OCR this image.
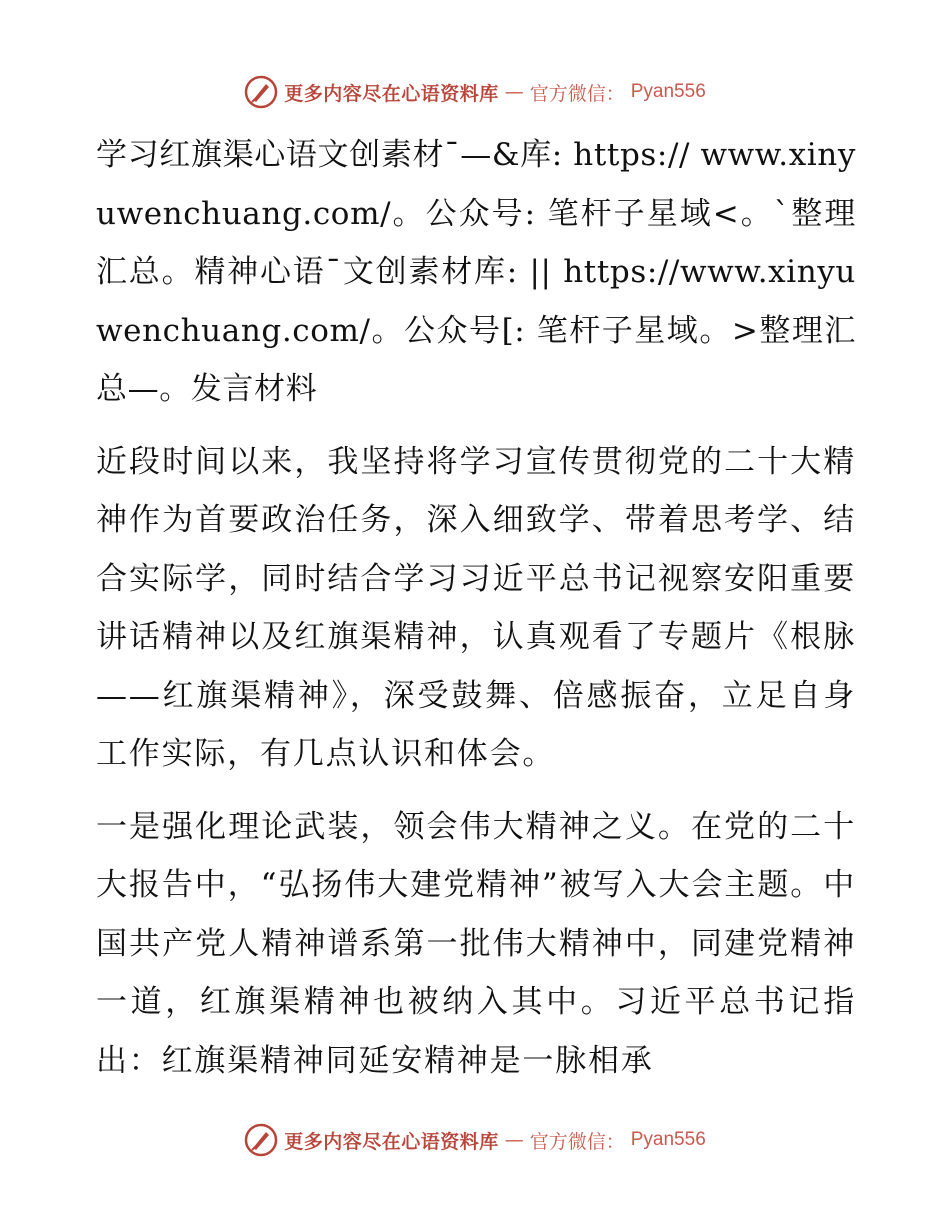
更多内容尽在心语资料库 — 官方微信： Pyan556

学习红旗渠心语文创素材¯—&库: https:// www.xinyuwenchuang.com/。公众号: 笔杆子星域<。`整理汇总。精神心语¯文创素材库: || https://www.xinyuwenchuang.com/。公众号[: 笔杆子星域。>整理汇总—。发言材料

近段时间以来，我坚持将学习宣传贯彻党的二十大精神作为首要政治任务，深入细致学、带着思考学、结合实际学，同时结合学习习近平总书记视察安阳重要讲话精神以及红旗渠精神，认真观看了专题片《根脉——红旗渠精神》，深受鼓舞、倍感振奋，立足自身工作实际，有几点认识和体会。

一是强化理论武装，领会伟大精神之义。在党的二十大报告中，“弘扬伟大建党精神”被写入大会主题。中国共产党人精神谱系第一批伟大精神中，同建党精神一道，红旗渠精神也被纳入其中。习近平总书记指出：红旗渠精神同延安精神是一脉相承

更多内容尽在心语资料库 — 官方微信： Pyan556
